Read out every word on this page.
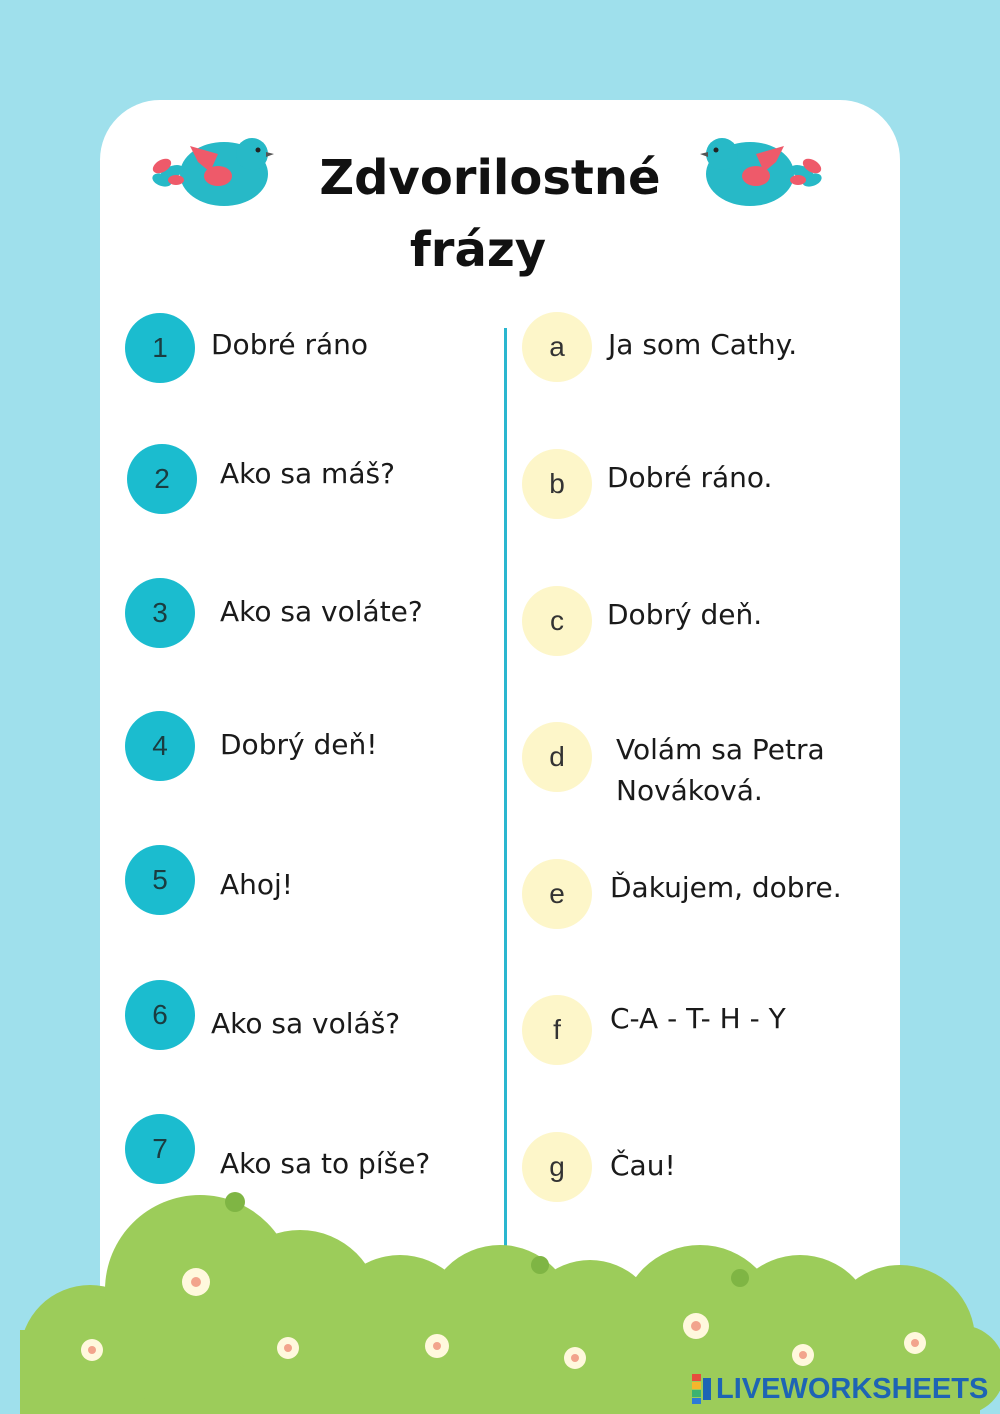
Zdvorilostné
frázy
1 Dobré ráno
2 Ako sa máš?
3 Ako sa voláte?
4 Dobrý deň!
5 Ahoj!
6 Ako sa voláš?
7 Ako sa to píše?
a Ja som Cathy.
b Dobré ráno.
c Dobrý deň.
d Volám sa Petra
Nováková.
e Ďakujem, dobre.
f C-A - T- H - Y
g Čau!
LIVEWORKSHEETS
